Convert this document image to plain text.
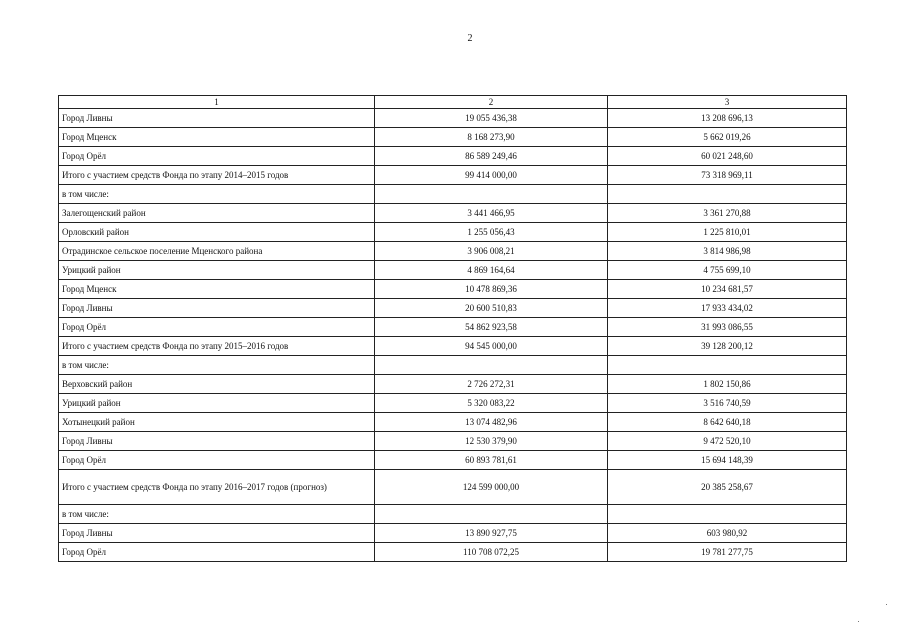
2
1	2	3
Город Ливны	19 055 436,38	13 208 696,13
Город Мценск	8 168 273,90	5 662 019,26
Город Орёл	86 589 249,46	60 021 248,60
Итого с участием средств Фонда по этапу 2014–2015 годов	99 414 000,00	73 318 969,11
в том числе:		
Залегощенский район	3 441 466,95	3 361 270,88
Орловский район	1 255 056,43	1 225 810,01
Отрадинское сельское поселение Мценского района	3 906 008,21	3 814 986,98
Урицкий район	4 869 164,64	4 755 699,10
Город Мценск	10 478 869,36	10 234 681,57
Город Ливны	20 600 510,83	17 933 434,02
Город Орёл	54 862 923,58	31 993 086,55
Итого с участием средств Фонда по этапу 2015–2016 годов	94 545 000,00	39 128 200,12
в том числе:		
Верховский район	2 726 272,31	1 802 150,86
Урицкий район	5 320 083,22	3 516 740,59
Хотынецкий район	13 074 482,96	8 642 640,18
Город Ливны	12 530 379,90	9 472 520,10
Город Орёл	60 893 781,61	15 694 148,39
Итого с участием средств Фонда по этапу 2016–2017 годов (прогноз)	124 599 000,00	20 385 258,67
в том числе:		
Город Ливны	13 890 927,75	603 980,92
Город Орёл	110 708 072,25	19 781 277,75
